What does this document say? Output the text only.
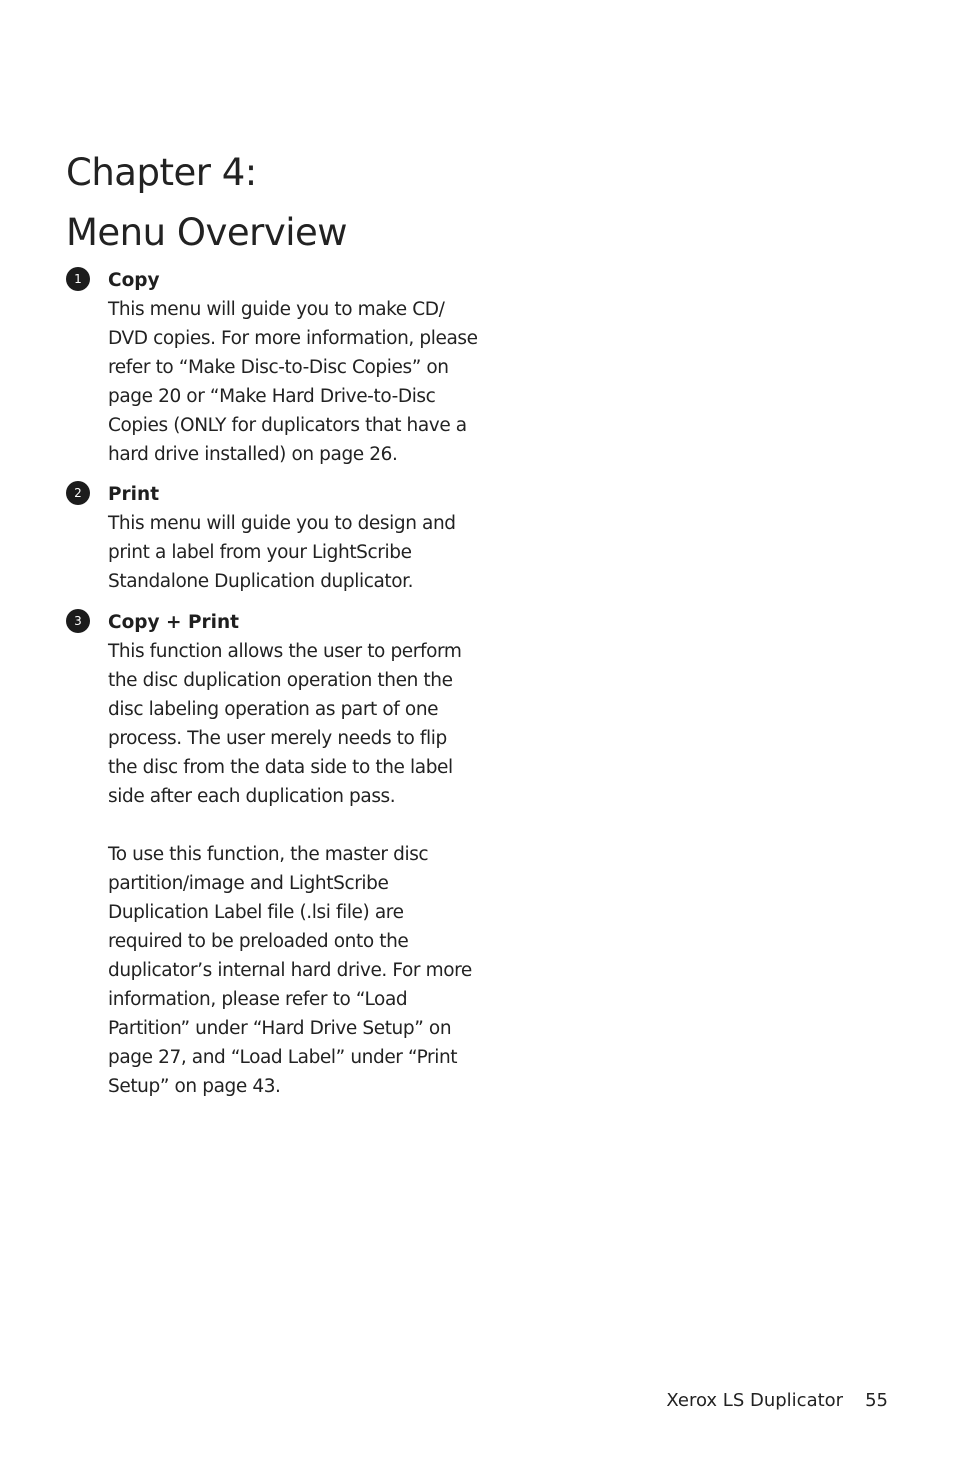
Chapter 4:
Menu Overview
1	Copy
This menu will guide you to make CD/
DVD copies. For more information, please
refer to “Make Disc-to-Disc Copies” on
page 20 or “Make Hard Drive-to-Disc
Copies (ONLY for duplicators that have a
hard drive installed) on page 26.
2	Print
This menu will guide you to design and
print a label from your LightScribe
Standalone Duplication duplicator.
3	Copy + Print
This function allows the user to perform
the disc duplication operation then the
disc labeling operation as part of one
process. The user merely needs to flip
the disc from the data side to the label
side after each duplication pass.
To use this function, the master disc
partition/image and LightScribe
Duplication Label file (.lsi file) are
required to be preloaded onto the
duplicator’s internal hard drive. For more
information, please refer to “Load
Partition” under “Hard Drive Setup” on
page 27, and “Load Label” under “Print
Setup” on page 43.
Xerox LS Duplicator 55
